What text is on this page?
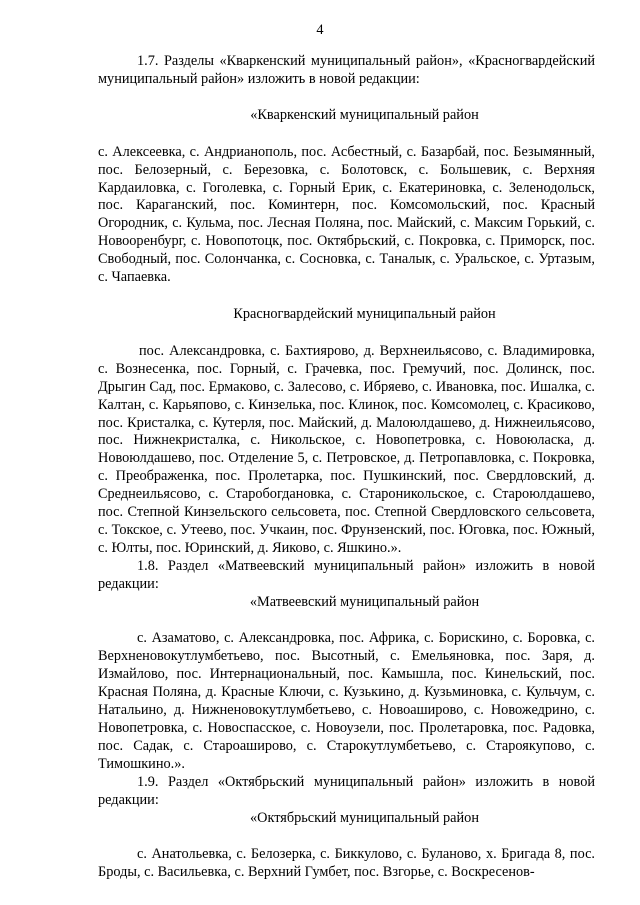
4

1.7. Разделы «Кваркенский муниципальный район», «Красногвардейский муниципальный район» изложить в новой редакции:

«Кваркенский муниципальный район

с. Алексеевка, с. Андрианополь, пос. Асбестный, с. Базарбай, пос. Безымянный, пос. Белозерный, с. Березовка, с. Болотовск, с. Большевик, с. Верхняя Кардаиловка, с. Гоголевка, с. Горный Ерик, с. Екатериновка, с. Зеленодольск, пос. Караганский, пос. Коминтерн, пос. Комсомольский, пос. Красный Огородник, с. Кульма, пос. Лесная Поляна, пос. Майский, с. Максим Горький, с. Новооренбург, с. Новопотоцк, пос. Октябрьский, с. Покровка, с. Приморск, пос. Свободный, пос. Солончанка, с. Сосновка, с. Таналык, с. Уральское, с. Уртазым, с. Чапаевка.

Красногвардейский муниципальный район

пос. Александровка, с. Бахтиярово, д. Верхнеильясово, с. Владимировка, с. Вознесенка, пос. Горный, с. Грачевка, пос. Гремучий, пос. Долинск, пос. Дрыгин Сад, пос. Ермаково, с. Залесово, с. Ибряево, с. Ивановка, пос. Ишалка, с. Калтан, с. Карьяпово, с. Кинзелька, пос. Клинок, пос. Комсомолец, с. Красиково, пос. Кристалка, с. Кутерля, пос. Майский, д. Малоюлдашево, д. Нижнеильясово, пос. Нижнекристалка, с. Никольское, с. Новопетровка, с. Новоюласка, д. Новоюлдашево, пос. Отделение 5, с. Петровское, д. Петропавловка, с. Покровка, с. Преображенка, пос. Пролетарка, пос. Пушкинский, пос. Свердловский, д. Среднеильясово, с. Старобогдановка, с. Староникольское, с. Староюлдашево, пос. Степной Кинзельского сельсовета, пос. Степной Свердловского сельсовета, с. Токское, с. Утеево, пос. Учкаин, пос. Фрунзенский, пос. Юговка, пос. Южный, с. Юлты, пос. Юринский, д. Яиково, с. Яшкино.».

1.8. Раздел «Матвеевский муниципальный район» изложить в новой редакции:

«Матвеевский муниципальный район

с. Азаматово, с. Александровка, пос. Африка, с. Борискино, с. Боровка, с. Верхненовокутлумбетьево, пос. Высотный, с. Емельяновка, пос. Заря, д. Измайлово, пос. Интернациональный, пос. Камышла, пос. Кинельский, пос. Красная Поляна, д. Красные Ключи, с. Кузькино, д. Кузьминовка, с. Кульчум, с. Натальино, д. Нижненовокутлумбетьево, с. Новоаширово, с. Новожедрино, с. Новопетровка, с. Новоспасское, с. Новоузели, пос. Пролетаровка, пос. Радовка, пос. Садак, с. Староаширово, с. Старокутлумбетьево, с. Староякупово, с. Тимошкино.».

1.9. Раздел «Октябрьский муниципальный район» изложить в новой редакции:

«Октябрьский муниципальный район

с. Анатольевка, с. Белозерка, с. Биккулово, с. Буланово, х. Бригада 8, пос. Броды, с. Васильевка, с. Верхний Гумбет, пос. Взгорье, с. Воскресенов-
